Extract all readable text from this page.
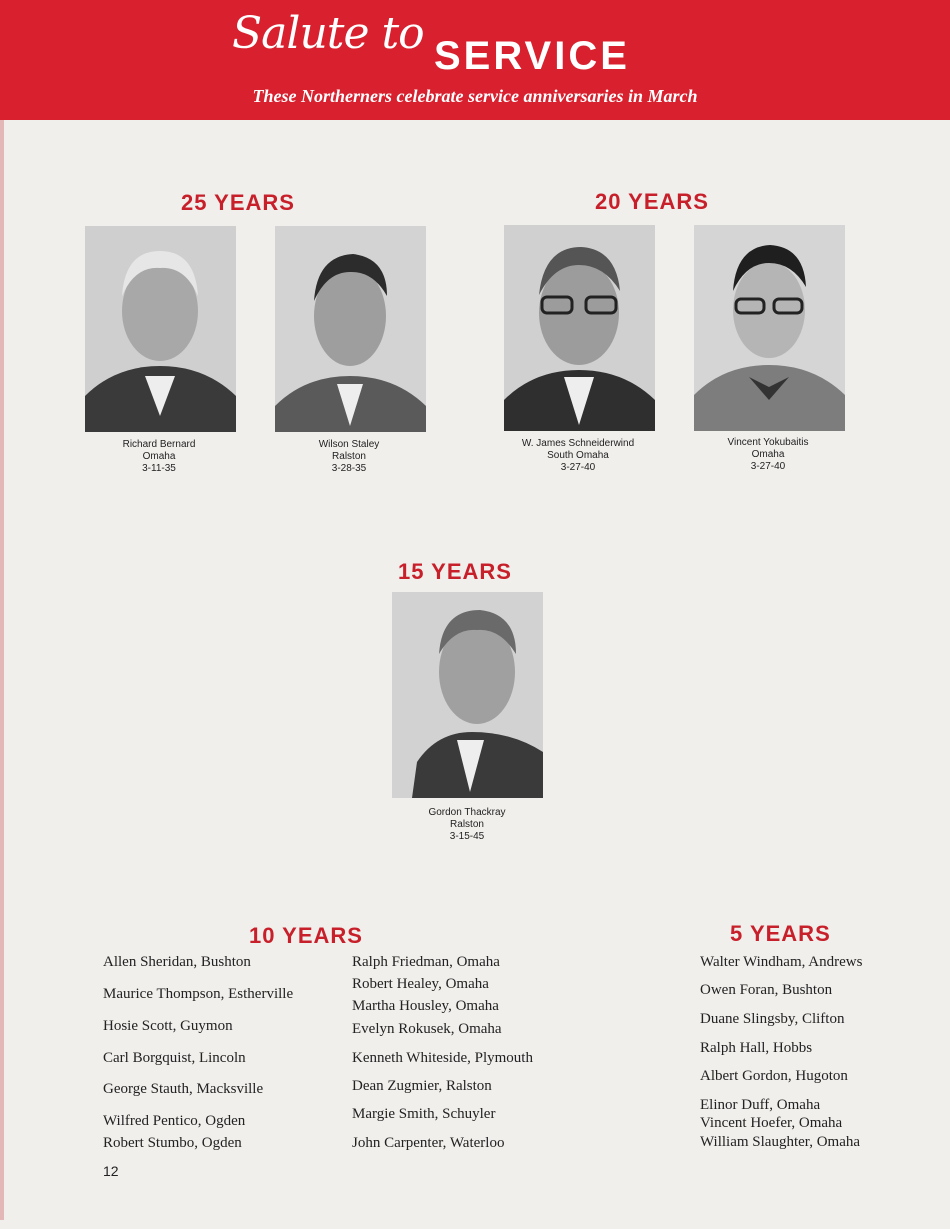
Salute to SERVICE
These Northerners celebrate service anniversaries in March
25 YEARS	20 YEARS
15 YEARS
10 YEARS	5 YEARS
Richard Bernard
Omaha
3-11-35
Wilson Staley
Ralston
3-28-35
W. James Schneiderwind
South Omaha
3-27-40
Vincent Yokubaitis
Omaha
3-27-40
Gordon Thackray
Ralston
3-15-45
Allen Sheridan, Bushton
Maurice Thompson, Estherville
Hosie Scott, Guymon
Carl Borgquist, Lincoln
George Stauth, Macksville
Wilfred Pentico, Ogden
Robert Stumbo, Ogden
Ralph Friedman, Omaha
Robert Healey, Omaha
Martha Housley, Omaha
Evelyn Rokusek, Omaha
Kenneth Whiteside, Plymouth
Dean Zugmier, Ralston
Margie Smith, Schuyler
John Carpenter, Waterloo
Walter Windham, Andrews
Owen Foran, Bushton
Duane Slingsby, Clifton
Ralph Hall, Hobbs
Albert Gordon, Hugoton
Elinor Duff, Omaha
Vincent Hoefer, Omaha
William Slaughter, Omaha
12
